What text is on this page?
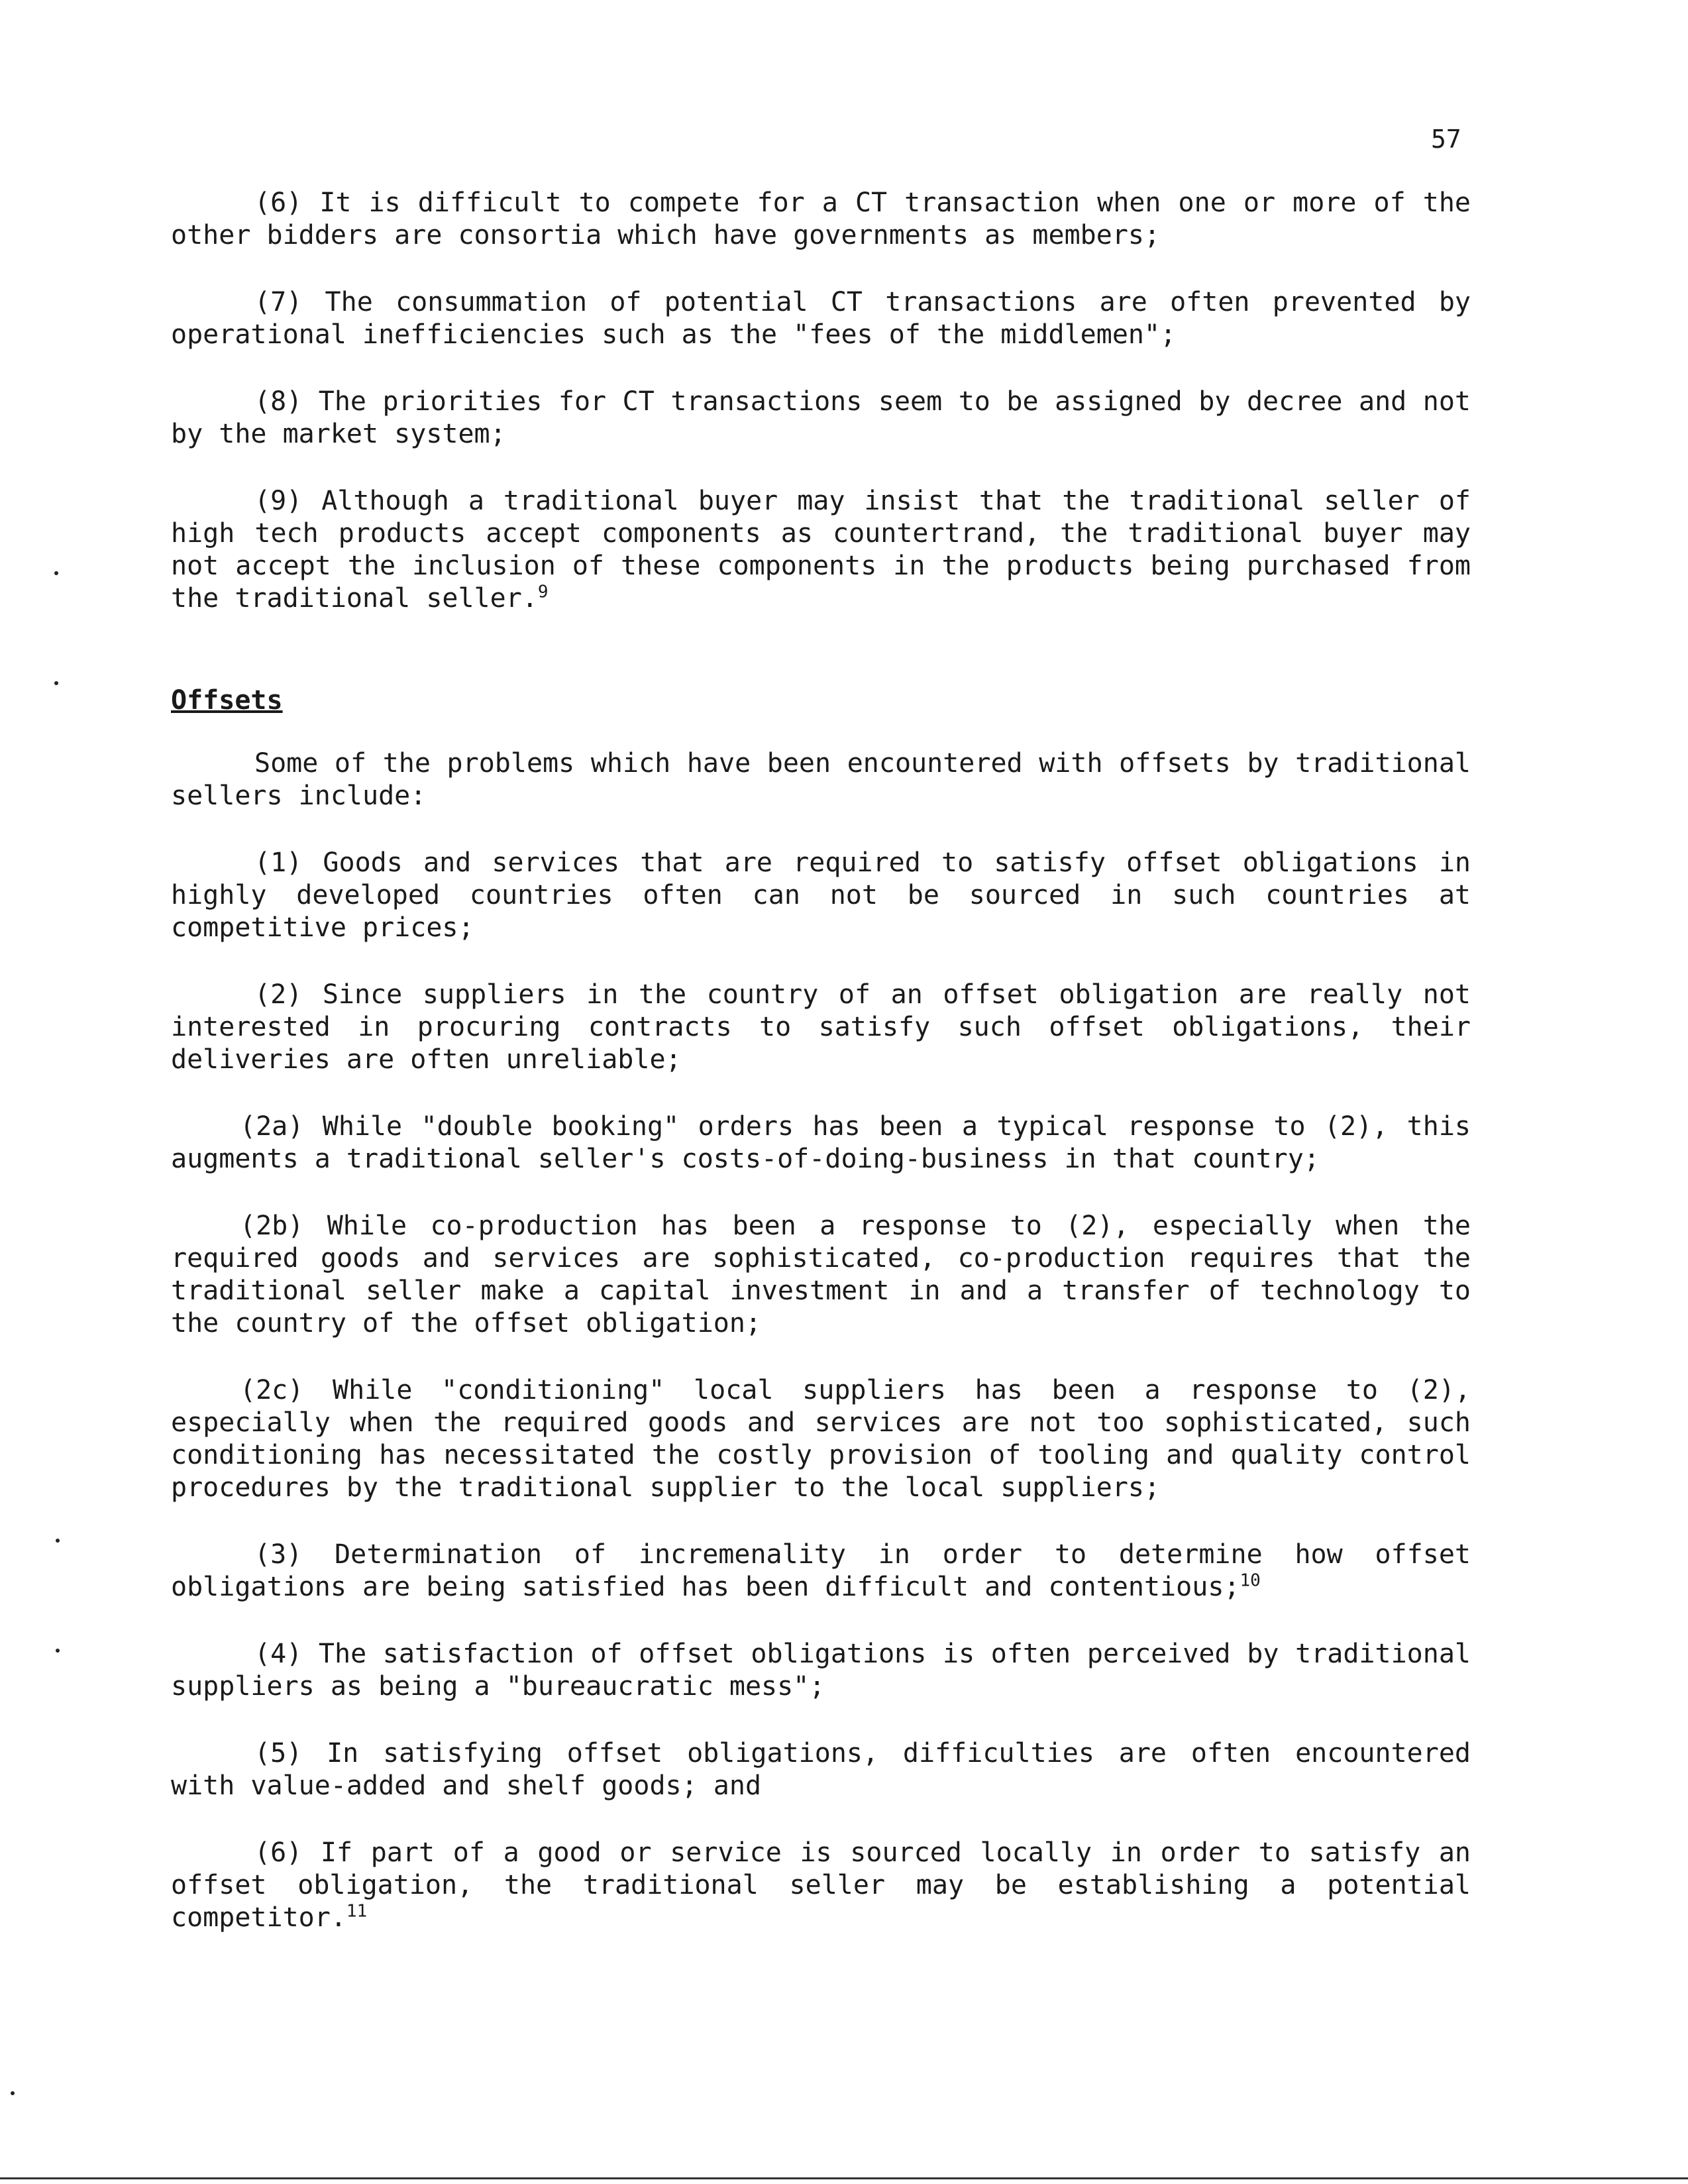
57

(6) It is difficult to compete for a CT transaction when one or more of the other bidders are consortia which have governments as members;

(7) The consummation of potential CT transactions are often prevented by operational inefficiencies such as the "fees of the middlemen";

(8) The priorities for CT transactions seem to be assigned by decree and not by the market system;

(9) Although a traditional buyer may insist that the traditional seller of high tech products accept components as countertrand, the traditional buyer may not accept the inclusion of these components in the products being purchased from the traditional seller.$^9$

Offsets

Some of the problems which have been encountered with offsets by traditional sellers include:

(1) Goods and services that are required to satisfy offset obligations in highly developed countries often can not be sourced in such countries at competitive prices;

(2) Since suppliers in the country of an offset obligation are really not interested in procuring contracts to satisfy such offset obligations, their deliveries are often unreliable;

(2a) While "double booking" orders has been a typical response to (2), this augments a traditional seller's costs-of-doing-business in that country;

(2b) While co-production has been a response to (2), especially when the required goods and services are sophisticated, co-production requires that the traditional seller make a capital investment in and a transfer of technology to the country of the offset obligation;

(2c) While "conditioning" local suppliers has been a response to (2), especially when the required goods and services are not too sophisticated, such conditioning has necessitated the costly provision of tooling and quality control procedures by the traditional supplier to the local suppliers;

(3) Determination of incremenality in order to determine how offset obligations are being satisfied has been difficult and contentious;$^{10}$

(4) The satisfaction of offset obligations is often perceived by traditional suppliers as being a "bureaucratic mess";

(5) In satisfying offset obligations, difficulties are often encountered with value-added and shelf goods; and

(6) If part of a good or service is sourced locally in order to satisfy an offset obligation, the traditional seller may be establishing a potential competitor.$^{11}$
